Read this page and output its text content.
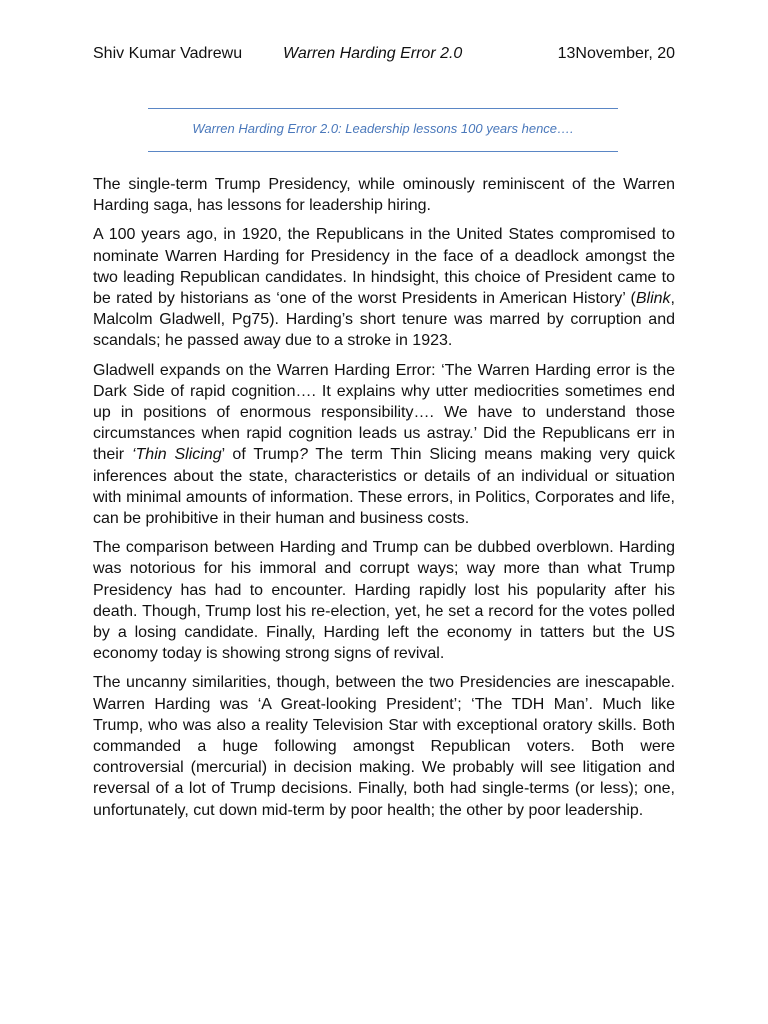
Shiv Kumar Vadrewu	Warren Harding Error 2.0	13November, 20
Warren Harding Error 2.0: Leadership lessons 100 years hence….

The single-term Trump Presidency, while ominously reminiscent of the Warren Harding saga, has lessons for leadership hiring.

A 100 years ago, in 1920, the Republicans in the United States compromised to nominate Warren Harding for Presidency in the face of a deadlock amongst the two leading Republican candidates. In hindsight, this choice of President came to be rated by historians as ‘one of the worst Presidents in American History’ (Blink, Malcolm Gladwell, Pg75). Harding’s short tenure was marred by corruption and scandals; he passed away due to a stroke in 1923.

Gladwell expands on the Warren Harding Error: ‘The Warren Harding error is the Dark Side of rapid cognition…. It explains why utter mediocrities sometimes end up in positions of enormous responsibility…. We have to understand those circumstances when rapid cognition leads us astray.’ Did the Republicans err in their ‘Thin Slicing’ of Trump? The term Thin Slicing means making very quick inferences about the state, characteristics or details of an individual or situation with minimal amounts of information. These errors, in Politics, Corporates and life, can be prohibitive in their human and business costs.

The comparison between Harding and Trump can be dubbed overblown. Harding was notorious for his immoral and corrupt ways; way more than what Trump Presidency has had to encounter. Harding rapidly lost his popularity after his death. Though, Trump lost his re-election, yet, he set a record for the votes polled by a losing candidate. Finally, Harding left the economy in tatters but the US economy today is showing strong signs of revival.

The uncanny similarities, though, between the two Presidencies are inescapable. Warren Harding was ‘A Great-looking President’; ‘The TDH Man’. Much like Trump, who was also a reality Television Star with exceptional oratory skills. Both commanded a huge following amongst Republican voters. Both were controversial (mercurial) in decision making. We probably will see litigation and reversal of a lot of Trump decisions. Finally, both had single-terms (or less); one, unfortunately, cut down mid-term by poor health; the other by poor leadership.
